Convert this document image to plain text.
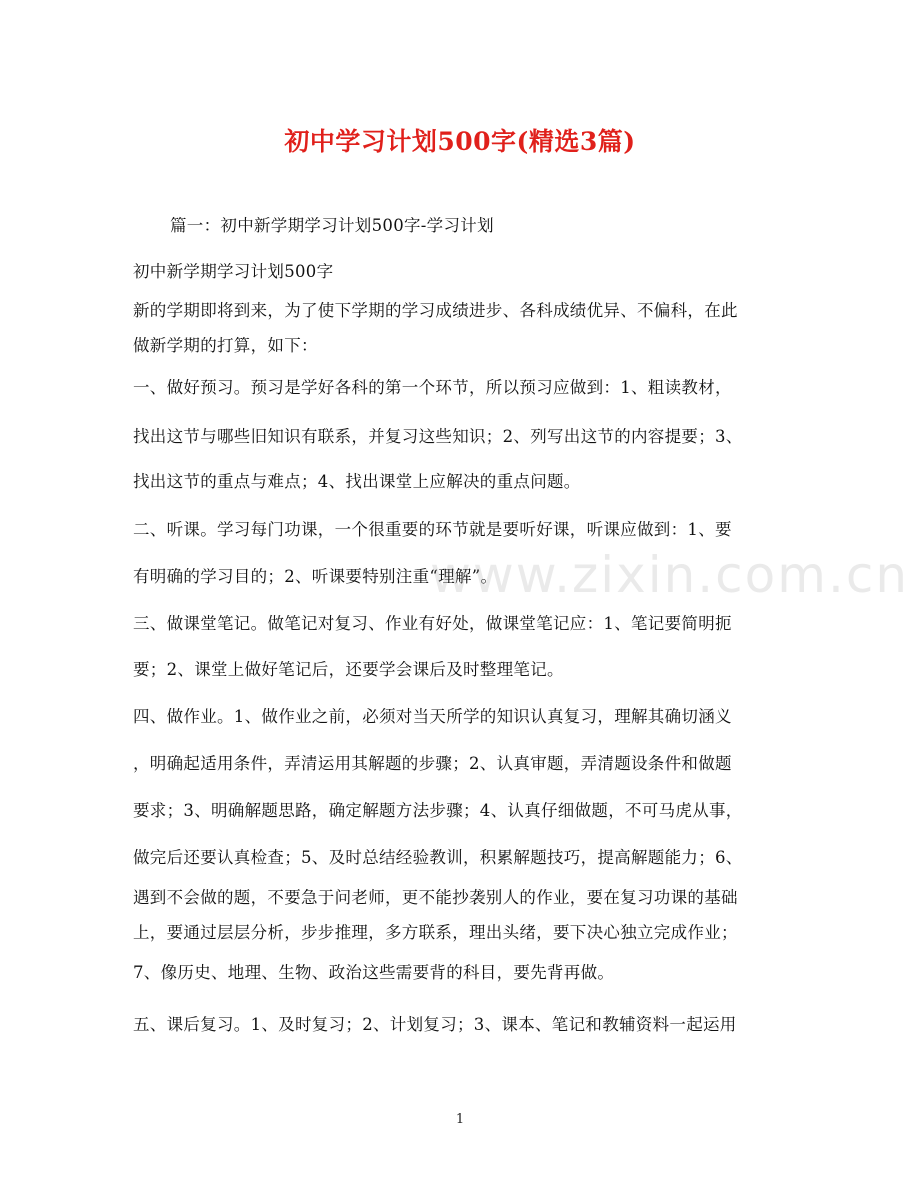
初中学习计划500字(精选3篇)
篇一：初中新学期学习计划500字-学习计划
初中新学期学习计划500字
新的学期即将到来，为了使下学期的学习成绩进步、各科成绩优异、不偏科，在此
做新学期的打算，如下：
一、做好预习。预习是学好各科的第一个环节，所以预习应做到：1、粗读教材，
找出这节与哪些旧知识有联系，并复习这些知识；2、列写出这节的内容提要；3、
找出这节的重点与难点；4、找出课堂上应解决的重点问题。
二、听课。学习每门功课，一个很重要的环节就是要听好课，听课应做到：1、要
有明确的学习目的；2、听课要特别注重“理解”。
三、做课堂笔记。做笔记对复习、作业有好处，做课堂笔记应：1、笔记要简明扼
要；2、课堂上做好笔记后，还要学会课后及时整理笔记。
四、做作业。1、做作业之前，必须对当天所学的知识认真复习，理解其确切涵义
，明确起适用条件，弄清运用其解题的步骤；2、认真审题，弄清题设条件和做题
要求；3、明确解题思路，确定解题方法步骤；4、认真仔细做题，不可马虎从事，
做完后还要认真检查；5、及时总结经验教训，积累解题技巧，提高解题能力；6、
遇到不会做的题，不要急于问老师，更不能抄袭别人的作业，要在复习功课的基础
上，要通过层层分析，步步推理，多方联系，理出头绪，要下决心独立完成作业；
7、像历史、地理、生物、政治这些需要背的科目，要先背再做。
五、课后复习。1、及时复习；2、计划复习；3、课本、笔记和教辅资料一起运用
www.zixin.com.cn
1
